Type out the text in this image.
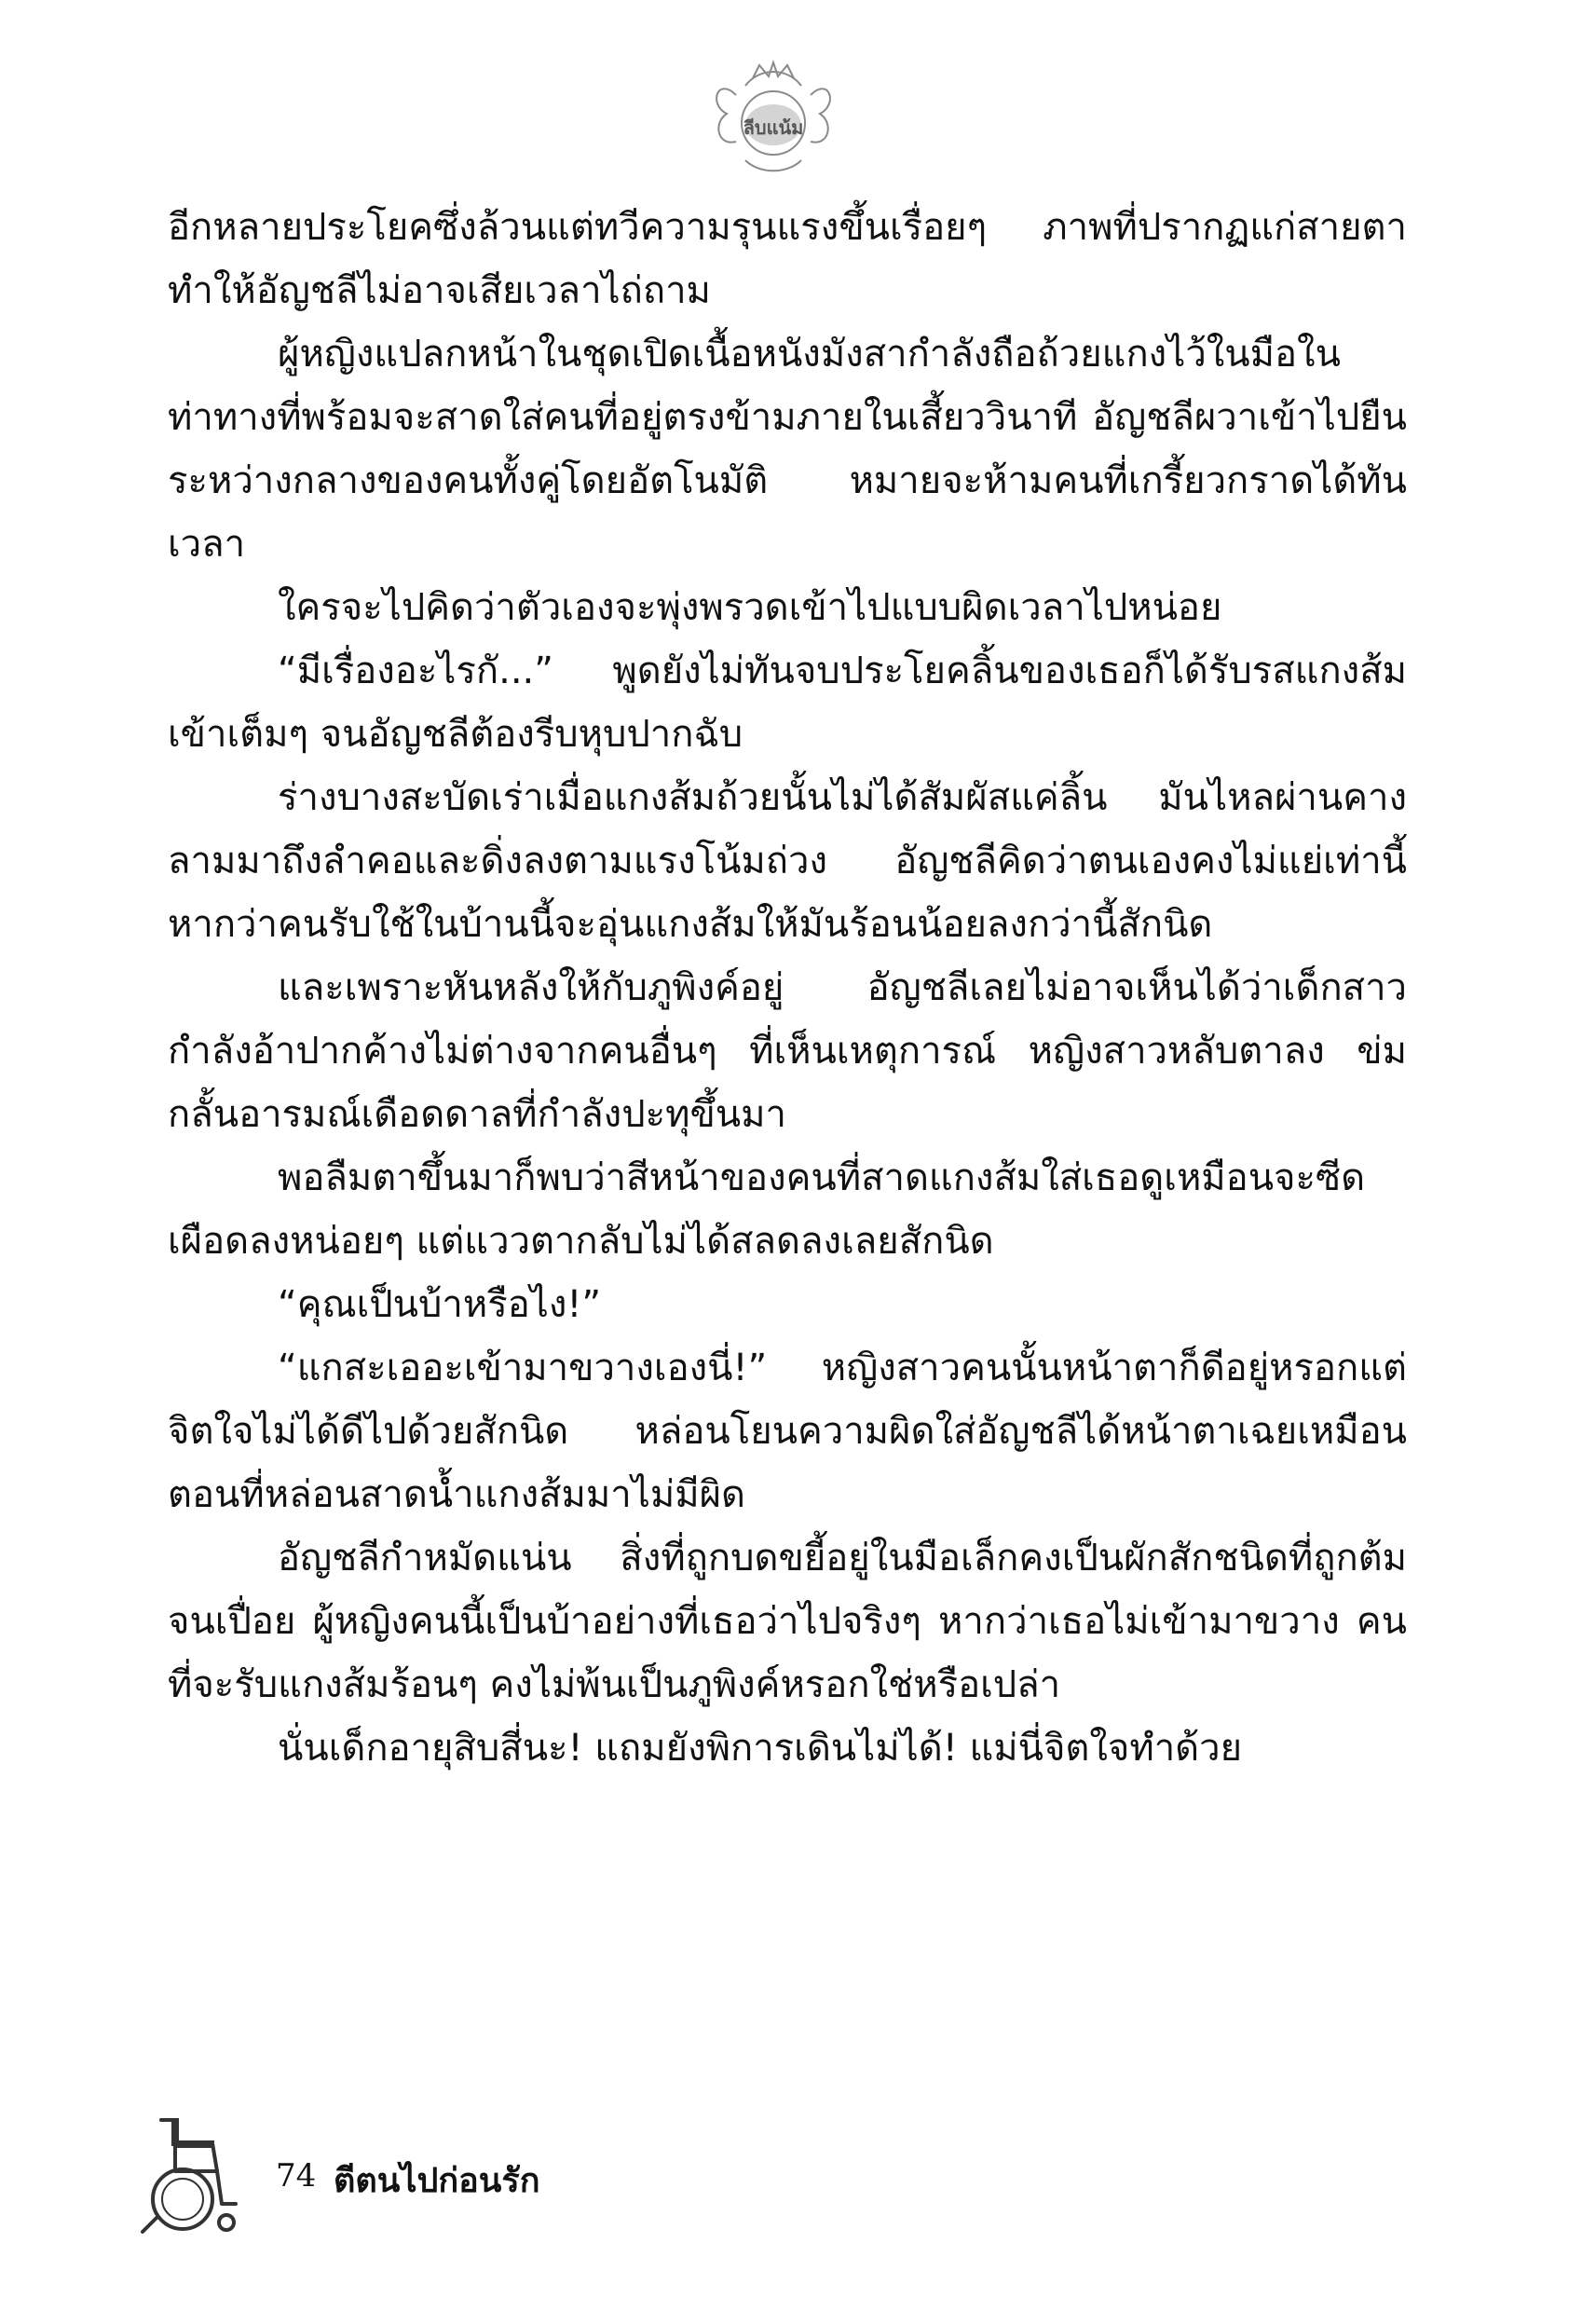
ลีบแน้ม

อีกหลายประโยคซึ่งล้วนแต่ทวีความรุนแรงขึ้นเรื่อยๆ ภาพที่ปรากฏแก่สายตาทำให้อัญชลีไม่อาจเสียเวลาไถ่ถาม

ผู้หญิงแปลกหน้าในชุดเปิดเนื้อหนังมังสากำลังถือถ้วยแกงไว้ในมือในท่าทางที่พร้อมจะสาดใส่คนที่อยู่ตรงข้ามภายในเสี้ยววินาที อัญชลีผวาเข้าไปยืนระหว่างกลางของคนทั้งคู่โดยอัตโนมัติ หมายจะห้ามคนที่เกรี้ยวกราดได้ทันเวลา

ใครจะไปคิดว่าตัวเองจะพุ่งพรวดเข้าไปแบบผิดเวลาไปหน่อย

“มีเรื่องอะไรกั...” พูดยังไม่ทันจบประโยคลิ้นของเธอก็ได้รับรสแกงส้มเข้าเต็มๆ จนอัญชลีต้องรีบหุบปากฉับ

ร่างบางสะบัดเร่าเมื่อแกงส้มถ้วยนั้นไม่ได้สัมผัสแค่ลิ้น มันไหลผ่านคางลามมาถึงลำคอและดิ่งลงตามแรงโน้มถ่วง อัญชลีคิดว่าตนเองคงไม่แย่เท่านี้หากว่าคนรับใช้ในบ้านนี้จะอุ่นแกงส้มให้มันร้อนน้อยลงกว่านี้สักนิด

และเพราะหันหลังให้กับภูพิงค์อยู่ อัญชลีเลยไม่อาจเห็นได้ว่าเด็กสาวกำลังอ้าปากค้างไม่ต่างจากคนอื่นๆ ที่เห็นเหตุการณ์ หญิงสาวหลับตาลง ข่มกลั้นอารมณ์เดือดดาลที่กำลังปะทุขึ้นมา

พอลืมตาขึ้นมาก็พบว่าสีหน้าของคนที่สาดแกงส้มใส่เธอดูเหมือนจะซีดเผือดลงหน่อยๆ แต่แววตากลับไม่ได้สลดลงเลยสักนิด

“คุณเป็นบ้าหรือไง!”

“แกสะเออะเข้ามาขวางเองนี่!” หญิงสาวคนนั้นหน้าตาก็ดีอยู่หรอกแต่จิตใจไม่ได้ดีไปด้วยสักนิด หล่อนโยนความผิดใส่อัญชลีได้หน้าตาเฉยเหมือนตอนที่หล่อนสาดน้ำแกงส้มมาไม่มีผิด

อัญชลีกำหมัดแน่น สิ่งที่ถูกบดขยี้อยู่ในมือเล็กคงเป็นผักสักชนิดที่ถูกต้มจนเปื่อย ผู้หญิงคนนี้เป็นบ้าอย่างที่เธอว่าไปจริงๆ หากว่าเธอไม่เข้ามาขวาง คนที่จะรับแกงส้มร้อนๆ คงไม่พ้นเป็นภูพิงค์หรอกใช่หรือเปล่า

นั่นเด็กอายุสิบสี่นะ! แถมยังพิการเดินไม่ได้! แม่นี่จิตใจทำด้วย

74 ตีตนไปก่อนรัก
